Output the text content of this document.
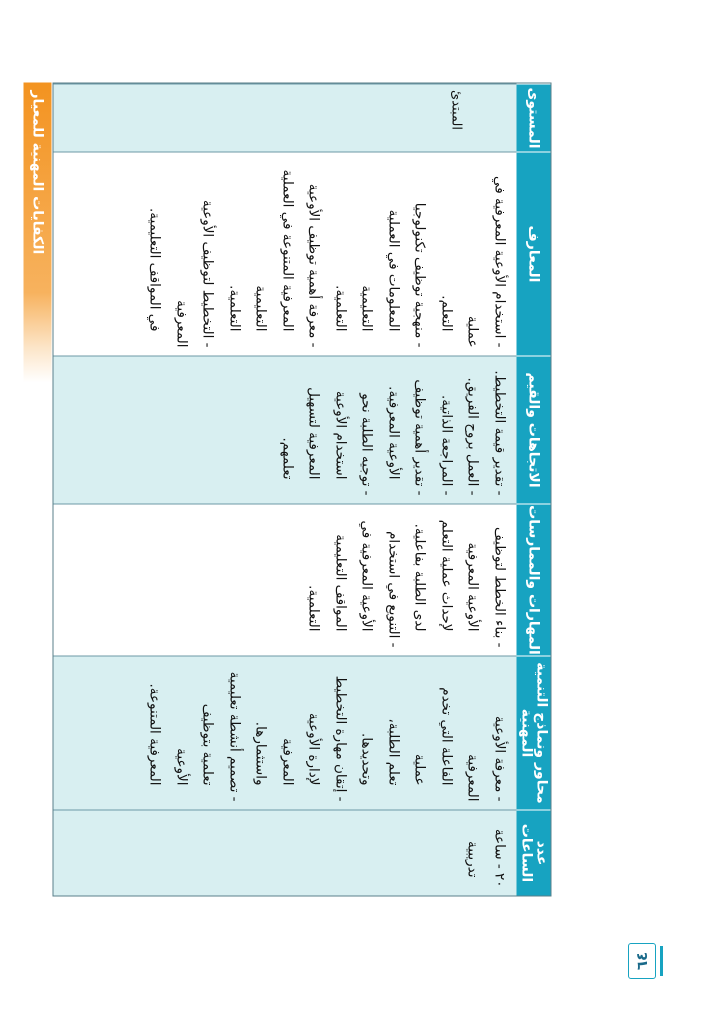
المستوى
المبتدئ
المعارف

- استخدام الأوعية المعرفية في عملية

التعلم.

- منهجية توظيف تكنولوجيا

المعلومات في العملية التعليمية

التعلمية.

- معرفة أهمية توظيف الأوعية

المعرفية المتنوعة في العملية التعليمية

التعلمية.

- التخطيط لتوظيف الأوعية المعرفية

في المواقف التعليمية.

الاتجاهات والقيم

- تقدير قيمة التخطيط.

- العمل بروح الفريق.

- المراجعة الذاتية.

- تقدير أهمية توظيف

الأوعية المعرفية.

- توجيه الطلبة نحو

استخدام الأوعية

المعرفية لتسهيل

تعلمهم.

المهارات والممارسات

- بناء الخطط لتوظيف

الأوعية المعرفية

لإحداث عملية التعلم

لدى الطلبة بفاعلية.

- التنويع في استخدام

الأوعية المعرفية في

المواقف التعليمية

التعلمية.

محاور ونماذج التنمية المهنية

- معرفة الأوعية المعرفية

الفاعلة التي تخدم عملية

تعلم الطلبة، وتحديدها.

- إتقان مهارة التخطيط

لإدارة الأوعية المعرفية

واستثمارها.

- تصميم أنشطة تعليمية

تعلمية بتوظيف الأوعية

المعرفية المتنوعة.

عدد الساعات

٢٠ - ساعة

تدريبية

الكفايات المهنية للمعيار
٦٤
